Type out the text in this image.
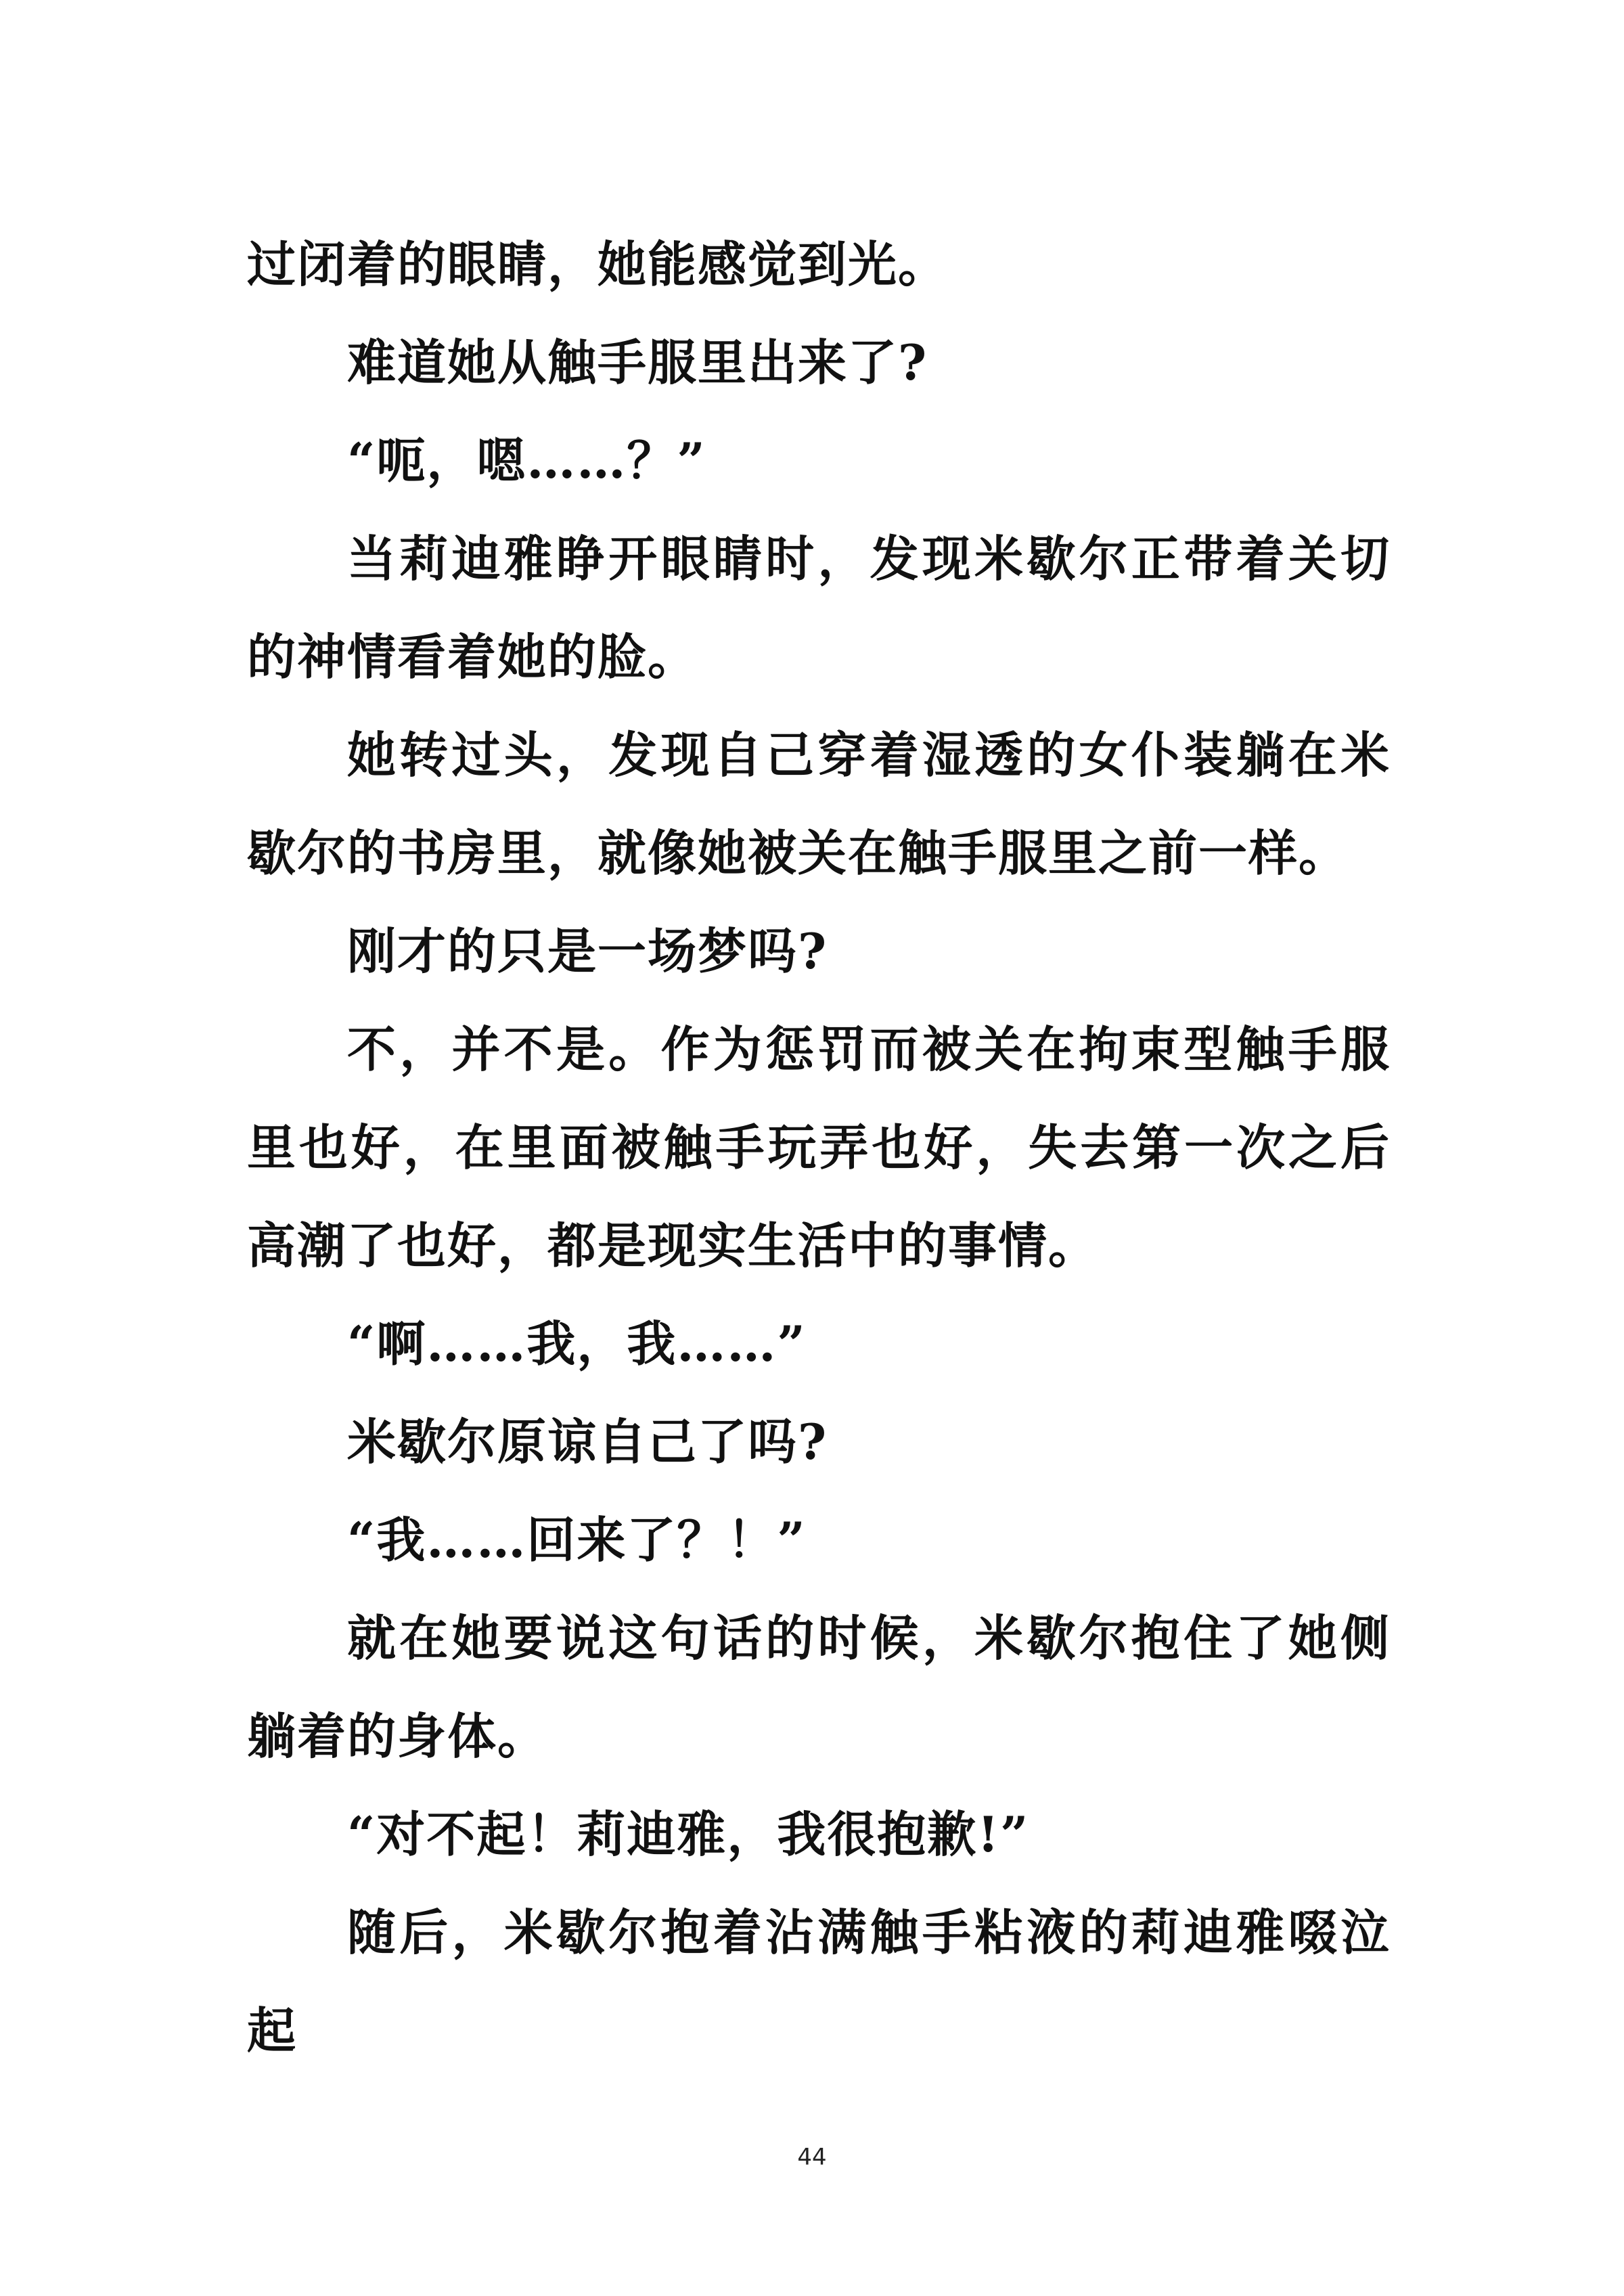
过闭着的眼睛，她能感觉到光。

难道她从触手服里出来了?

“呃，嗯……？”

当莉迪雅睁开眼睛时，发现米歇尔正带着关切的神情看着她的脸。

她转过头，发现自己穿着湿透的女仆装躺在米歇尔的书房里，就像她被关在触手服里之前一样。

刚才的只是一场梦吗?

不，并不是。作为惩罚而被关在拘束型触手服里也好，在里面被触手玩弄也好，失去第一次之后高潮了也好，都是现实生活中的事情。

“啊……我，我……”

米歇尔原谅自己了吗?

“我……回来了？！”

就在她要说这句话的时候，米歇尔抱住了她侧躺着的身体。

“对不起！莉迪雅，我很抱歉!”

随后，米歇尔抱着沾满触手粘液的莉迪雅啜泣起

44
